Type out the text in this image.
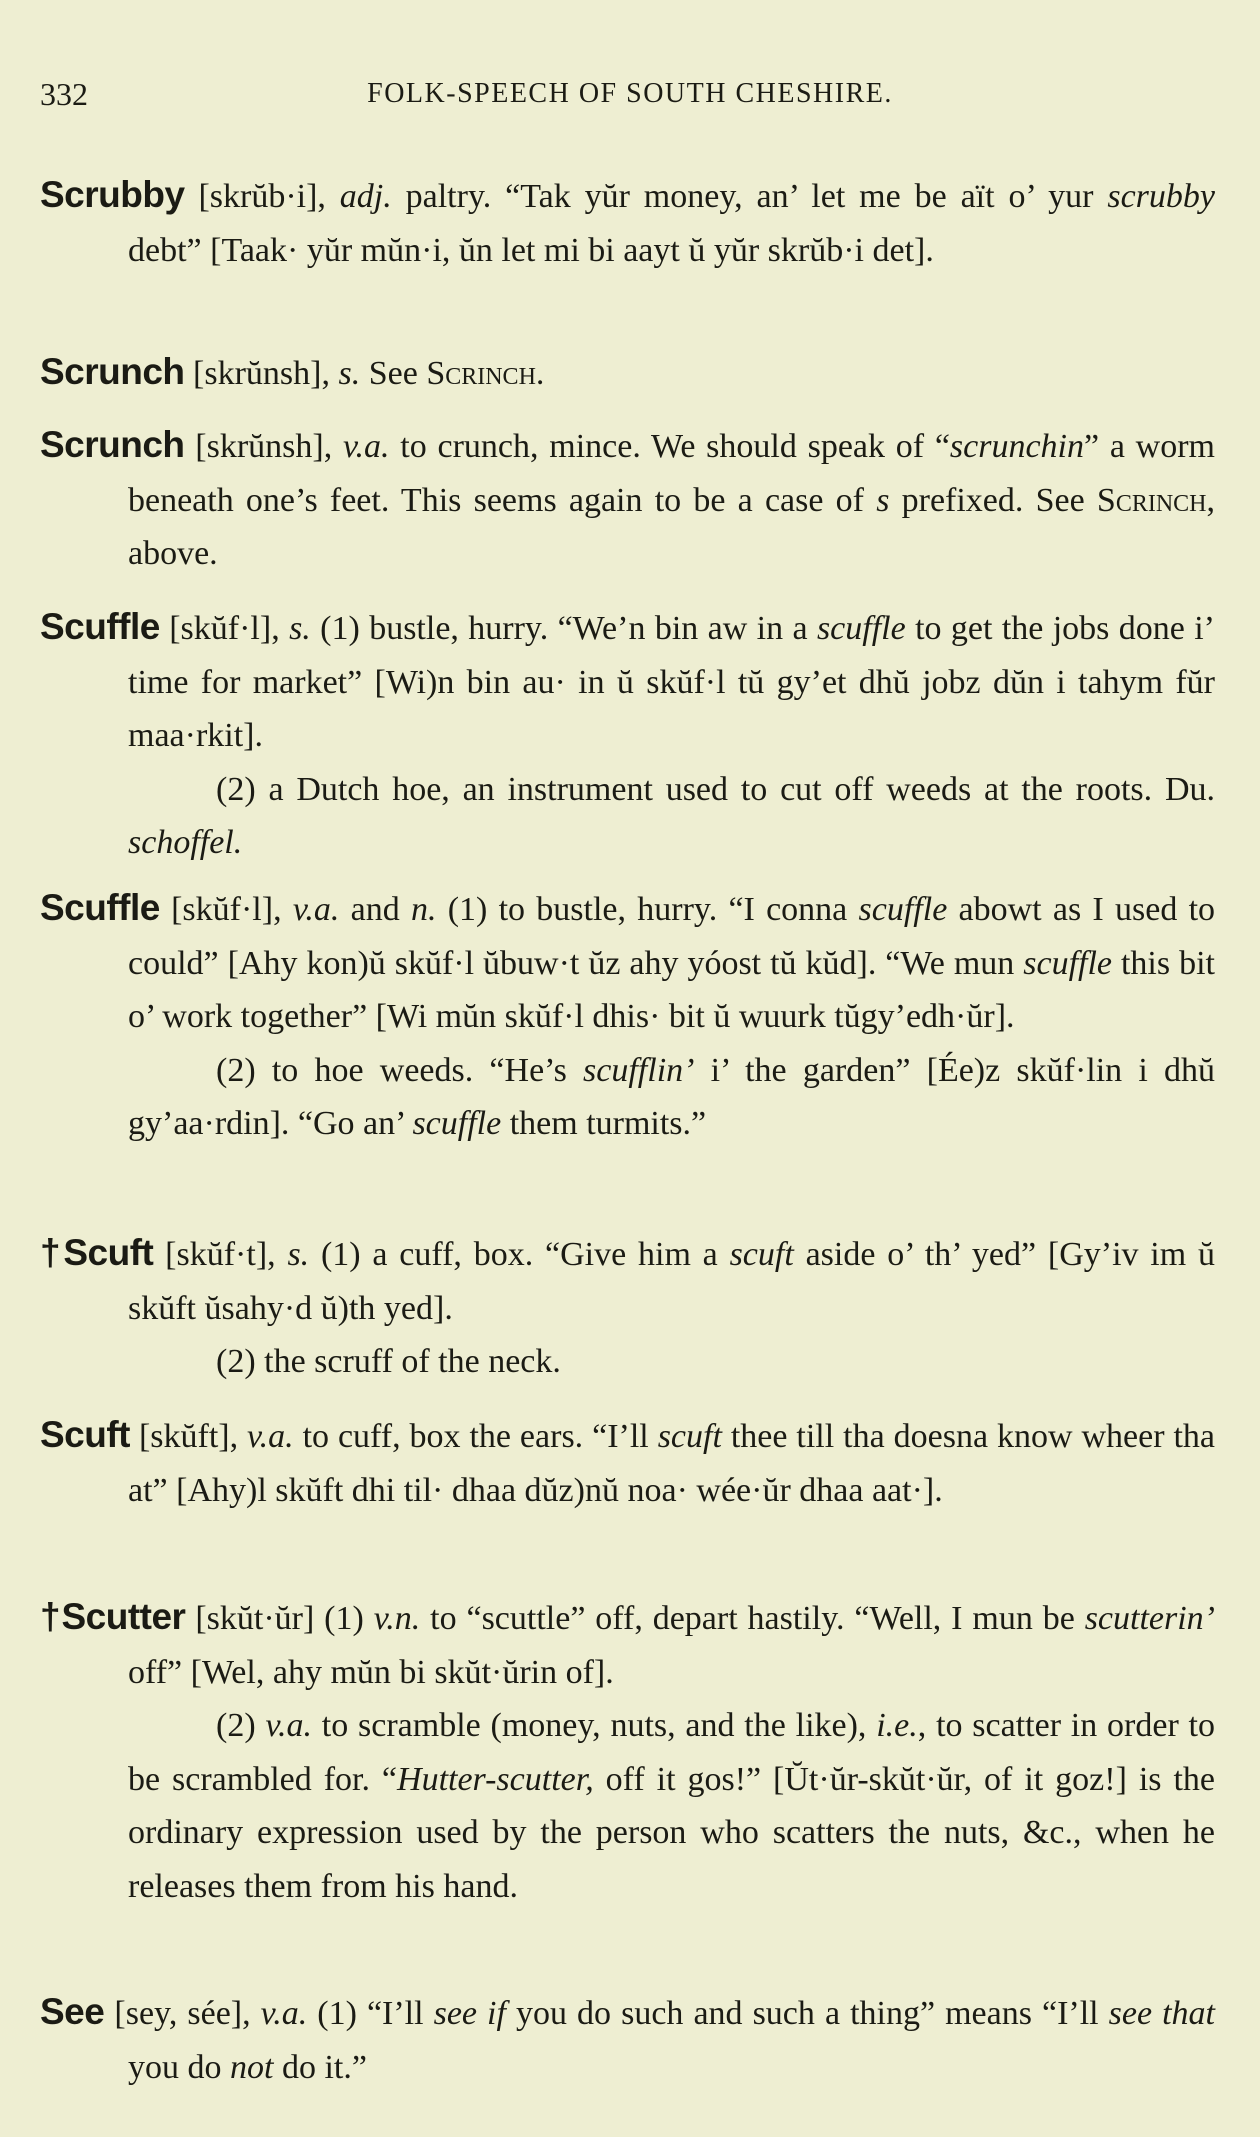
332	FOLK-SPEECH OF SOUTH CHESHIRE.

Scrubby [skrŭb·i], adj. paltry. “Tak yŭr money, an’ let me be aït o’ yur scrubby debt” [Taak· yŭr mŭn·i, ŭn let mi bi aayt ŭ yŭr skrŭb·i det].

Scrunch [skrŭnsh], s. See Scrinch.

Scrunch [skrŭnsh], v.a. to crunch, mince. We should speak of “scrunchin” a worm beneath one’s feet. This seems again to be a case of s prefixed. See Scrinch, above.

Scuffle [skŭf·l], s. (1) bustle, hurry. “We’n bin aw in a scuffle to get the jobs done i’ time for market” [Wi)n bin au· in ŭ skŭf·l tŭ gy’et dhŭ jobz dŭn i tahym fŭr maa·rkit].

(2) a Dutch hoe, an instrument used to cut off weeds at the roots. Du. schoffel.

Scuffle [skŭf·l], v.a. and n. (1) to bustle, hurry. “I conna scuffle abowt as I used to could” [Ahy kon)ŭ skŭf·l ŭbuw·t ŭz ahy yóost tŭ kŭd]. “We mun scuffle this bit o’ work together” [Wi mŭn skŭf·l dhis· bit ŭ wuurk tŭgy’edh·ŭr].

(2) to hoe weeds. “He’s scufflin’ i’ the garden” [Ée)z skŭf·lin i dhŭ gy’aa·rdin]. “Go an’ scuffle them turmits.”

†Scuft [skŭf·t], s. (1) a cuff, box. “Give him a scuft aside o’ th’ yed” [Gy’iv im ŭ skŭft ŭsahy·d ŭ)th yed].

(2) the scruff of the neck.

Scuft [skŭft], v.a. to cuff, box the ears. “I’ll scuft thee till tha doesna know wheer tha at” [Ahy)l skŭft dhi til· dhaa dŭz)nŭ noa· wée·ŭr dhaa aat·].

†Scutter [skŭt·ŭr] (1) v.n. to “scuttle” off, depart hastily. “Well, I mun be scutterin’ off” [Wel, ahy mŭn bi skŭt·ŭrin of].

(2) v.a. to scramble (money, nuts, and the like), i.e., to scatter in order to be scrambled for. “Hutter-scutter, off it gos!” [Ŭt·ŭr-skŭt·ŭr, of it goz!] is the ordinary expression used by the person who scatters the nuts, &c., when he releases them from his hand.

See [sey, sée], v.a. (1) “I’ll see if you do such and such a thing” means “I’ll see that you do not do it.”
